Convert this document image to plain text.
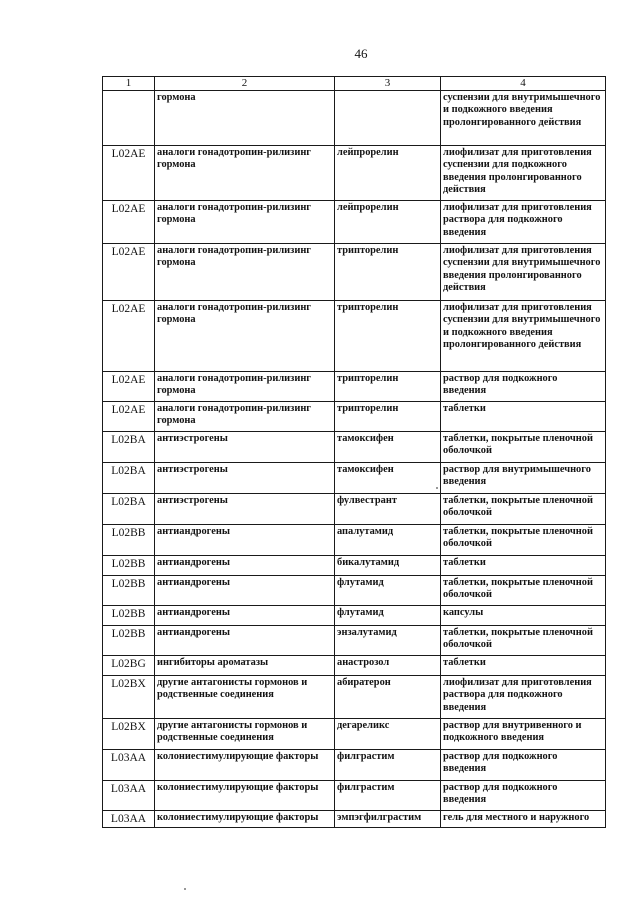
46
1	2	3	4
	гормона		суспензии для внутримышечного и подкожного введения пролонгированного действия
L02AE	аналоги гонадотропин-рилизинг гормона	лейпрорелин	лиофилизат для приготовления суспензии для подкожного введения пролонгированного действия
L02AE	аналоги гонадотропин-рилизинг гормона	лейпрорелин	лиофилизат для приготовления раствора для подкожного введения
L02AE	аналоги гонадотропин-рилизинг гормона	трипторелин	лиофилизат для приготовления суспензии для внутримышечного введения пролонгированного действия
L02AE	аналоги гонадотропин-рилизинг гормона	трипторелин	лиофилизат для приготовления суспензии для внутримышечного и подкожного введения пролонгированного действия
L02AE	аналоги гонадотропин-рилизинг гормона	трипторелин	раствор для подкожного введения
L02AE	аналоги гонадотропин-рилизинг гормона	трипторелин	таблетки
L02BA	антиэстрогены	тамоксифен	таблетки, покрытые пленочной оболочкой
L02BA	антиэстрогены	тамоксифен	раствор для внутримышечного введения
L02BA	антиэстрогены	фулвестрант	таблетки, покрытые пленочной оболочкой
L02BB	антиандрогены	апалутамид	таблетки, покрытые пленочной оболочкой
L02BB	антиандрогены	бикалутамид	таблетки
L02BB	антиандрогены	флутамид	таблетки, покрытые пленочной оболочкой
L02BB	антиандрогены	флутамид	капсулы
L02BB	антиандрогены	энзалутамид	таблетки, покрытые пленочной оболочкой
L02BG	ингибиторы ароматазы	анастрозол	таблетки
L02BX	другие антагонисты гормонов и родственные соединения	абиратерон	лиофилизат для приготовления раствора для подкожного введения
L02BX	другие антагонисты гормонов и родственные соединения	дегареликс	раствор для внутривенного и подкожного введения
L03AA	колониестимулирующие факторы	филграстим	раствор для подкожного введения
L03AA	колониестимулирующие факторы	филграстим	раствор для подкожного введения
L03AA	колониестимулирующие факторы	эмпэгфилграстим	гель для местного и наружного
